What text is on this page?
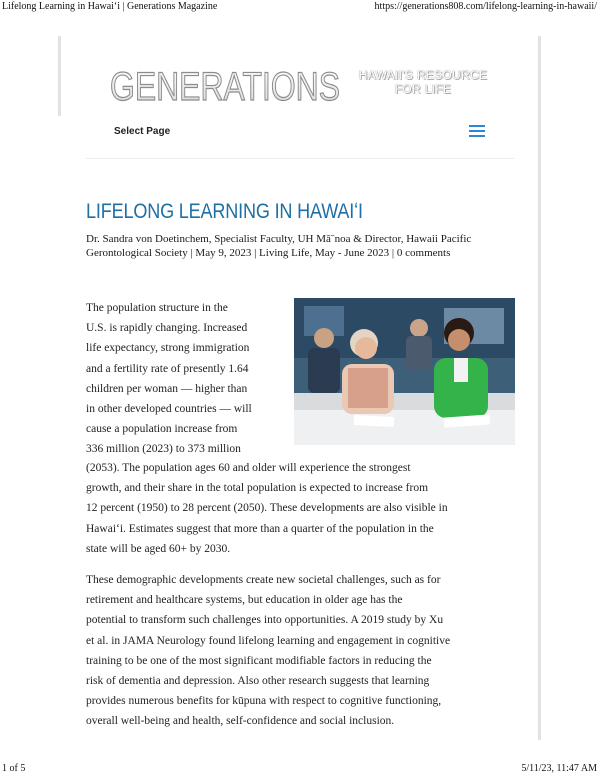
Lifelong Learning in Hawaiʻi | Generations Magazine	https://generations808.com/lifelong-learning-in-hawaii/
GENERATIONS	HAWAII'S RESOURCE
FOR LIFE
Select Page
LIFELONG LEARNING IN HAWAIʻI
Dr. Sandra von Doetinchem, Specialist Faculty, UH Māˉnoa & Director, Hawaii Pacific
Gerontological Society | May 9, 2023 | Living Life, May - June 2023 | 0 comments
The population structure in the
U.S. is rapidly changing. Increased
life expectancy, strong immigration
and a fertility rate of presently 1.64
children per woman — higher than
in other developed countries — will
cause a population increase from
336 million (2023) to 373 million
(2053). The population ages 60 and older will experience the strongest
growth, and their share in the total population is expected to increase from
12 percent (1950) to 28 percent (2050). These developments are also visible in
Hawaiʻi. Estimates suggest that more than a quarter of the population in the
state will be aged 60+ by 2030.
These demographic developments create new societal challenges, such as for
retirement and healthcare systems, but education in older age has the
potential to transform such challenges into opportunities. A 2019 study by Xu
et al. in JAMA Neurology found lifelong learning and engagement in cognitive
training to be one of the most significant modifiable factors in reducing the
risk of dementia and depression. Also other research suggests that learning
provides numerous benefits for kūpuna with respect to cognitive functioning,
overall well-being and health, self-confidence and social inclusion.
1 of 5	5/11/23, 11:47 AM
